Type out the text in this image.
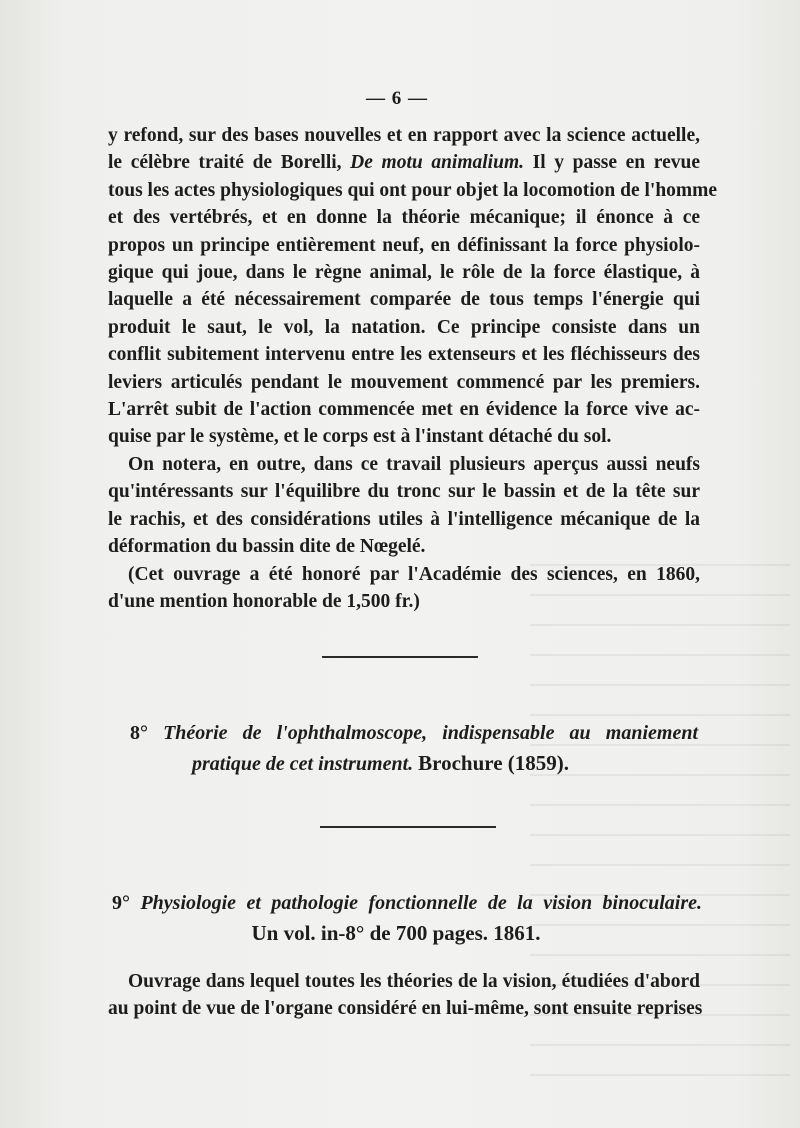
— 6 —
y refond, sur des bases nouvelles et en rapport avec la science actuelle,
le célèbre traité de Borelli, De motu animalium. Il y passe en revue
tous les actes physiologiques qui ont pour objet la locomotion de l'homme
et des vertébrés, et en donne la théorie mécanique; il énonce à ce
propos un principe entièrement neuf, en définissant la force physiolo-
gique qui joue, dans le règne animal, le rôle de la force élastique, à
laquelle a été nécessairement comparée de tous temps l'énergie qui
produit le saut, le vol, la natation. Ce principe consiste dans un
conflit subitement intervenu entre les extenseurs et les fléchisseurs des
leviers articulés pendant le mouvement commencé par les premiers.
L'arrêt subit de l'action commencée met en évidence la force vive ac-
quise par le système, et le corps est à l'instant détaché du sol.
On notera, en outre, dans ce travail plusieurs aperçus aussi neufs
qu'intéressants sur l'équilibre du tronc sur le bassin et de la tête sur
le rachis, et des considérations utiles à l'intelligence mécanique de la
déformation du bassin dite de Nœgelé.
(Cet ouvrage a été honoré par l'Académie des sciences, en 1860,
d'une mention honorable de 1,500 fr.)
8° Théorie de l'ophthalmoscope, indispensable au maniement
pratique de cet instrument. Brochure (1859).
9° Physiologie et pathologie fonctionnelle de la vision binoculaire.
Un vol. in-8° de 700 pages. 1861.
Ouvrage dans lequel toutes les théories de la vision, étudiées d'abord
au point de vue de l'organe considéré en lui-même, sont ensuite reprises
